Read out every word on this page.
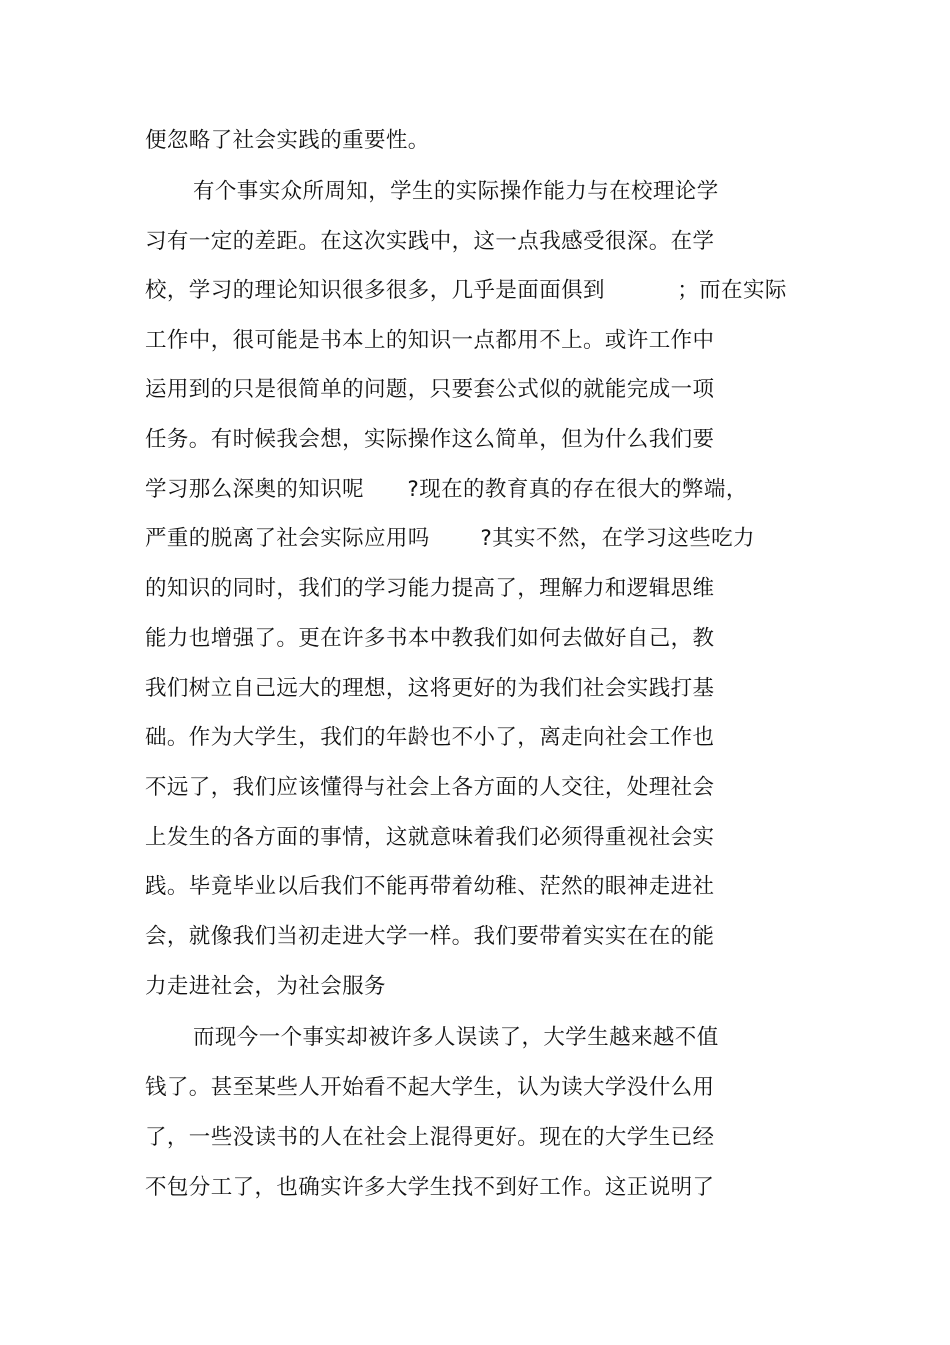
便忽略了社会实践的重要性。
有个事实众所周知，学生的实际操作能力与在校理论学
习有一定的差距。在这次实践中，这一点我感受很深。在学
校，学习的理论知识很多很多，几乎是面面俱到          ；而在实际
工作中，很可能是书本上的知识一点都用不上。或许工作中
运用到的只是很简单的问题，只要套公式似的就能完成一项
任务。有时候我会想，实际操作这么简单，但为什么我们要
学习那么深奥的知识呢      ?现在的教育真的存在很大的弊端，
严重的脱离了社会实际应用吗       ?其实不然，在学习这些吃力
的知识的同时，我们的学习能力提高了，理解力和逻辑思维
能力也增强了。更在许多书本中教我们如何去做好自己，教
我们树立自己远大的理想，这将更好的为我们社会实践打基
础。作为大学生，我们的年龄也不小了，离走向社会工作也
不远了，我们应该懂得与社会上各方面的人交往，处理社会
上发生的各方面的事情，这就意味着我们必须得重视社会实
践。毕竟毕业以后我们不能再带着幼稚、茫然的眼神走进社
会，就像我们当初走进大学一样。我们要带着实实在在的能
力走进社会，为社会服务
而现今一个事实却被许多人误读了，大学生越来越不值
钱了。甚至某些人开始看不起大学生，认为读大学没什么用
了，一些没读书的人在社会上混得更好。现在的大学生已经
不包分工了，也确实许多大学生找不到好工作。这正说明了
